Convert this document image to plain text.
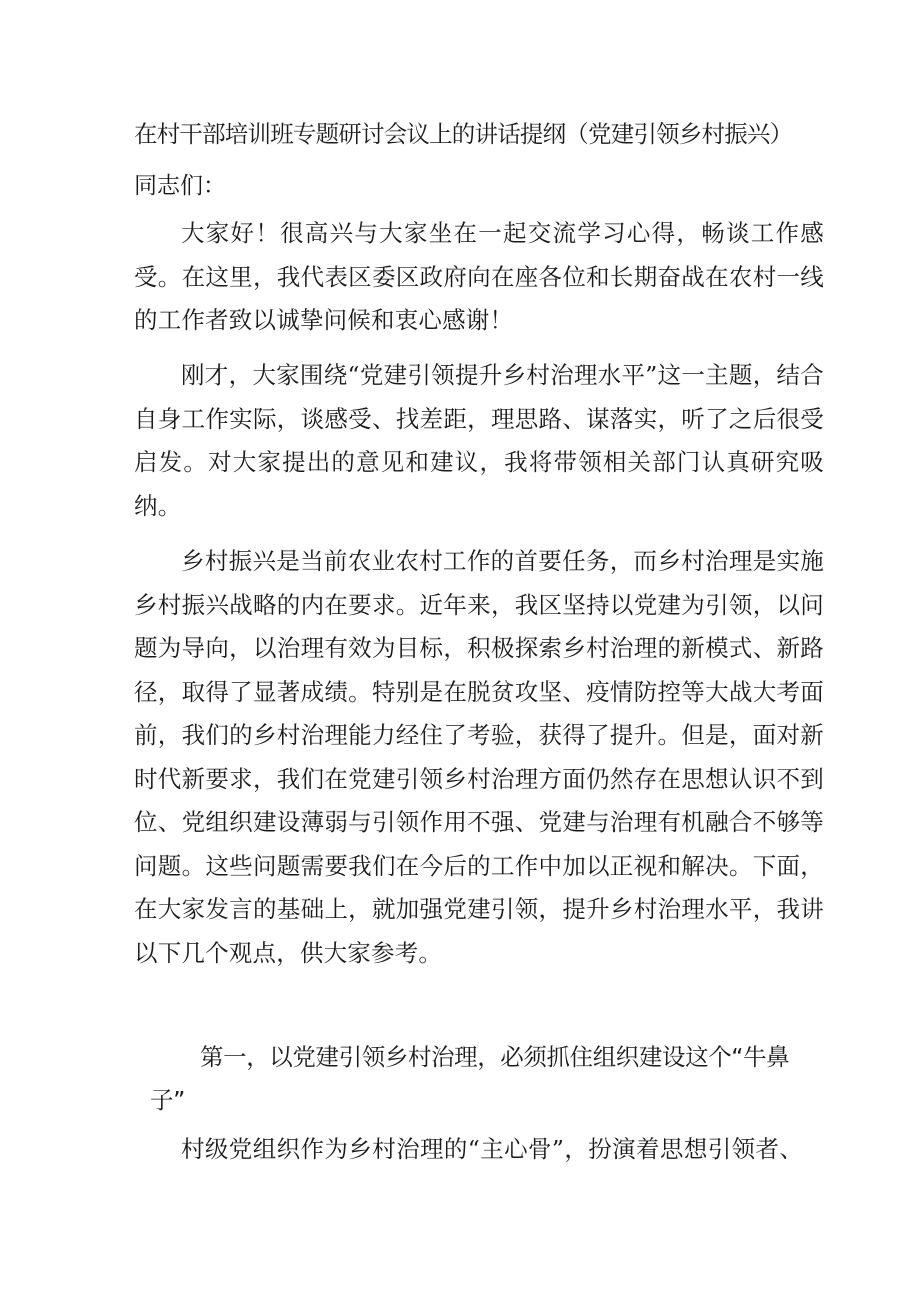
在村干部培训班专题研讨会议上的讲话提纲（党建引领乡村振兴）

同志们：

大家好！很高兴与大家坐在一起交流学习心得，畅谈工作感受。在这里，我代表区委区政府向在座各位和长期奋战在农村一线的工作者致以诚挚问候和衷心感谢！

刚才，大家围绕“党建引领提升乡村治理水平”这一主题，结合自身工作实际，谈感受、找差距，理思路、谋落实，听了之后很受启发。对大家提出的意见和建议，我将带领相关部门认真研究吸纳。

乡村振兴是当前农业农村工作的首要任务，而乡村治理是实施乡村振兴战略的内在要求。近年来，我区坚持以党建为引领，以问题为导向，以治理有效为目标，积极探索乡村治理的新模式、新路径，取得了显著成绩。特别是在脱贫攻坚、疫情防控等大战大考面前，我们的乡村治理能力经住了考验，获得了提升。但是，面对新时代新要求，我们在党建引领乡村治理方面仍然存在思想认识不到位、党组织建设薄弱与引领作用不强、党建与治理有机融合不够等问题。这些问题需要我们在今后的工作中加以正视和解决。下面，在大家发言的基础上，就加强党建引领，提升乡村治理水平，我讲以下几个观点，供大家参考。

第一，以党建引领乡村治理，必须抓住组织建设这个“牛鼻子”

村级党组织作为乡村治理的“主心骨”，扮演着思想引领者、
